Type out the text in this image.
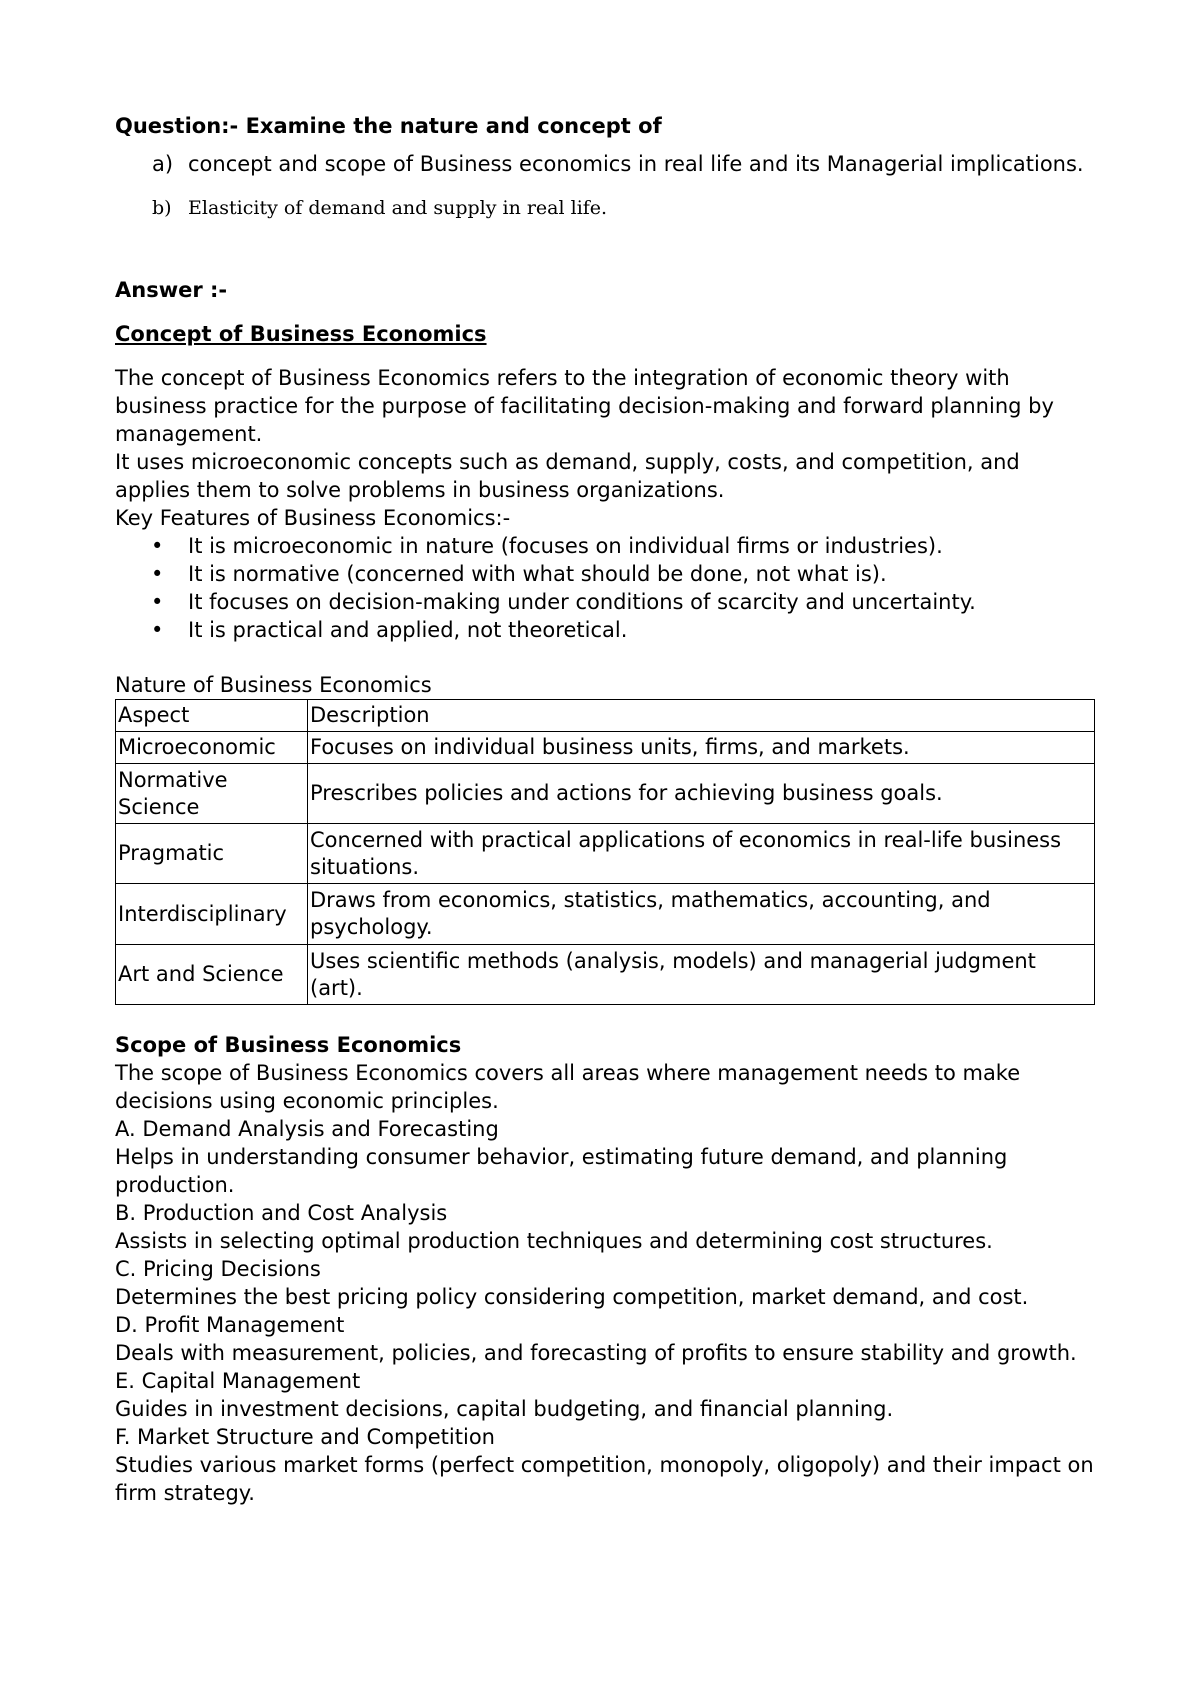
Question:- Examine the nature and concept of
a) concept and scope of Business economics in real life and its Managerial implications.
b) Elasticity of demand and supply in real life.
Answer :-
Concept of Business Economics

The concept of Business Economics refers to the integration of economic theory with business practice for the purpose of facilitating decision-making and forward planning by management.

It uses microeconomic concepts such as demand, supply, costs, and competition, and applies them to solve problems in business organizations.

Key Features of Business Economics:-

• It is microeconomic in nature (focuses on individual firms or industries).
• It is normative (concerned with what should be done, not what is).
• It focuses on decision-making under conditions of scarcity and uncertainty.
• It is practical and applied, not theoretical.
Nature of Business Economics
Aspect	Description
Microeconomic	Focuses on individual business units, firms, and markets.
Normative Science	Prescribes policies and actions for achieving business goals.
Pragmatic	Concerned with practical applications of economics in real-life business situations.
Interdisciplinary	Draws from economics, statistics, mathematics, accounting, and psychology.
Art and Science	Uses scientific methods (analysis, models) and managerial judgment (art).
Scope of Business Economics

The scope of Business Economics covers all areas where management needs to make decisions using economic principles.

A. Demand Analysis and Forecasting

Helps in understanding consumer behavior, estimating future demand, and planning production.

B. Production and Cost Analysis

Assists in selecting optimal production techniques and determining cost structures.

C. Pricing Decisions

Determines the best pricing policy considering competition, market demand, and cost.

D. Profit Management

Deals with measurement, policies, and forecasting of profits to ensure stability and growth.

E. Capital Management

Guides in investment decisions, capital budgeting, and financial planning.

F. Market Structure and Competition

Studies various market forms (perfect competition, monopoly, oligopoly) and their impact on firm strategy.
